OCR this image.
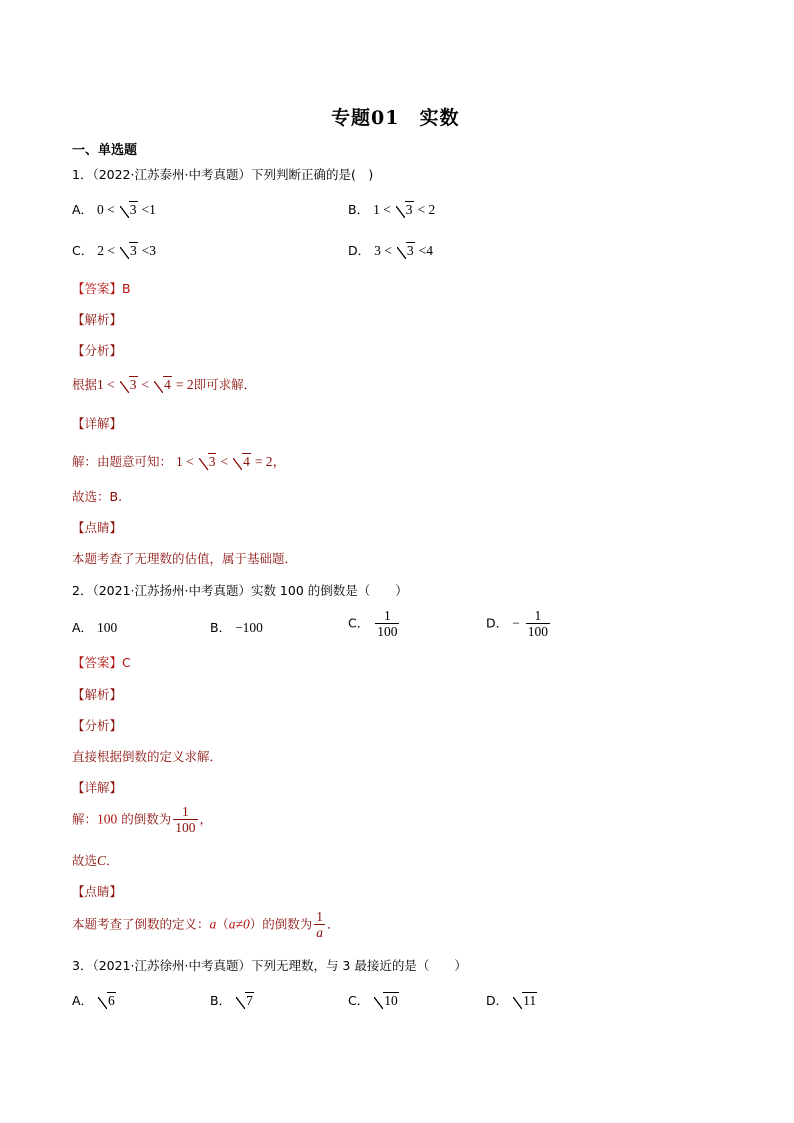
专题01　实数
一、单选题
1．（2022·江苏泰州·中考真题）下列判断正确的是(　)
A． 0 < 3 <1	B． 1 < 3 < 2
C． 2 < 3 <3	D． 3 < 3 <4
【答案】B
【解析】
【分析】
根据1 < 3 < 4 = 2即可求解．
【详解】
解：由题意可知： 1 < 3 < 4 = 2，
故选：B.
【点睛】
本题考查了无理数的估值，属于基础题．
2．（2021·江苏扬州·中考真题）实数 100 的倒数是（　　）
A． 100	B． −100	C． $\frac{1}{100}$	D． − $\frac{1}{100}$
【答案】C
【解析】
【分析】
直接根据倒数的定义求解．
【详解】
解：100 的倒数为 $\frac{1}{100}$ ，
故选C．
【点睛】
本题考查了倒数的定义：a（a≠0）的倒数为 $\frac{1}{a}$ ．
3．（2021·江苏徐州·中考真题）下列无理数，与 3 最接近的是（　　）
A． 6	B． 7	C． 10	D． 11
